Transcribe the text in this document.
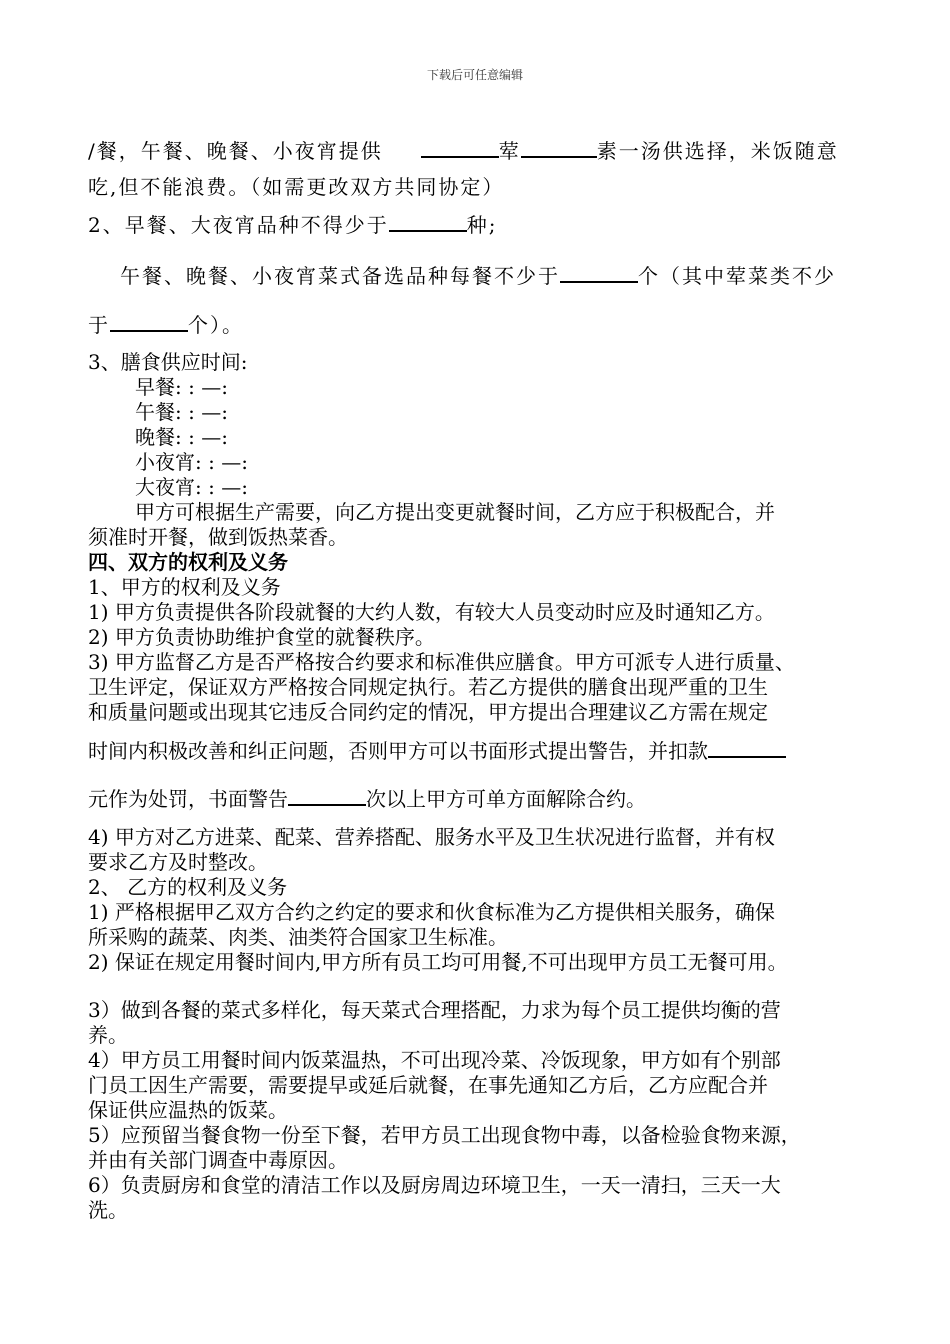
下载后可任意编辑
/餐，午餐、晚餐、小夜宵提供	荤	素一汤供选择，米饭随意
吃,但不能浪费。（如需更改双方共同协定）
2、早餐、大夜宵品种不得少于	种;
午餐、晚餐、小夜宵菜式备选品种每餐不少于	个（其中荤菜类不少
于	个）。
3、膳食供应时间:
早餐: : —:
午餐: : —:
晚餐: : —:
小夜宵: : —:
大夜宵: : —:
甲方可根据生产需要，向乙方提出变更就餐时间，乙方应于积极配合，并
须准时开餐，做到饭热菜香。
四、双方的权利及义务
1、甲方的权利及义务
1) 甲方负责提供各阶段就餐的大约人数，有较大人员变动时应及时通知乙方。
2) 甲方负责协助维护食堂的就餐秩序。
3) 甲方监督乙方是否严格按合约要求和标准供应膳食。甲方可派专人进行质量、
卫生评定，保证双方严格按合同规定执行。若乙方提供的膳食出现严重的卫生
和质量问题或出现其它违反合同约定的情况，甲方提出合理建议乙方需在规定
时间内积极改善和纠正问题，否则甲方可以书面形式提出警告，并扣款
元作为处罚，书面警告	次以上甲方可单方面解除合约。
4) 甲方对乙方进菜、配菜、营养搭配、服务水平及卫生状况进行监督，并有权
要求乙方及时整改。
2、 乙方的权利及义务
1) 严格根据甲乙双方合约之约定的要求和伙食标准为乙方提供相关服务，确保
所采购的蔬菜、肉类、油类符合国家卫生标准。
2) 保证在规定用餐时间内,甲方所有员工均可用餐,不可出现甲方员工无餐可用。
3）做到各餐的菜式多样化，每天菜式合理搭配，力求为每个员工提供均衡的营
养。
4）甲方员工用餐时间内饭菜温热，不可出现冷菜、冷饭现象，甲方如有个别部
门员工因生产需要，需要提早或延后就餐，在事先通知乙方后，乙方应配合并
保证供应温热的饭菜。
5）应预留当餐食物一份至下餐，若甲方员工出现食物中毒，以备检验食物来源，
并由有关部门调查中毒原因。
6）负责厨房和食堂的清洁工作以及厨房周边环境卫生，一天一清扫，三天一大
洗。
